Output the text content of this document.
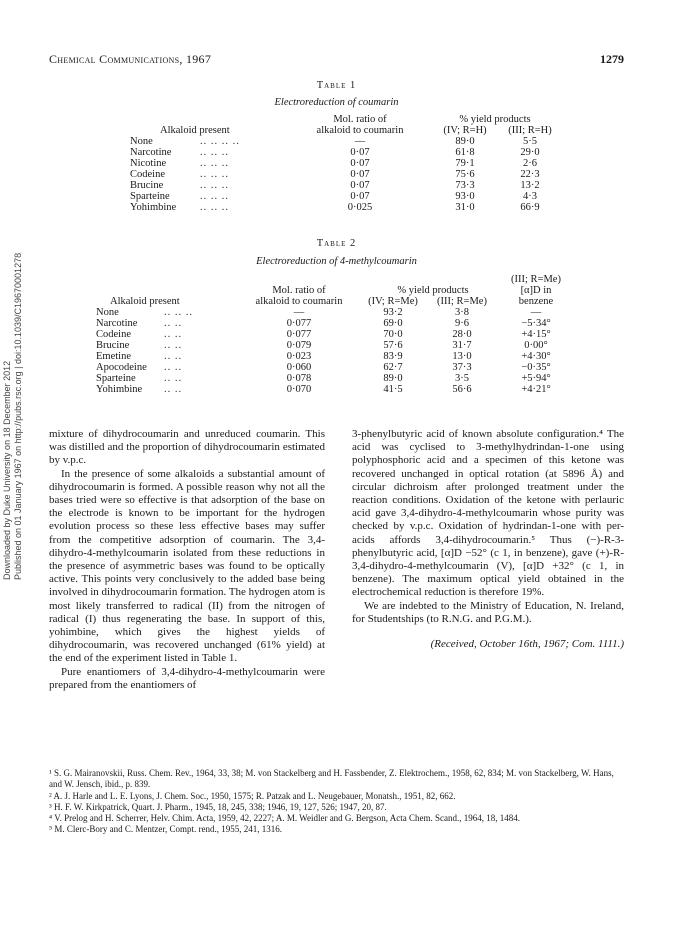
Chemical Communications, 1967	1279
Downloaded by Duke University on 18 December 2012
Published on 01 January 1967 on http://pubs.rsc.org | doi:10.1039/C19670001278
Table 1
Electroreduction of coumarin
		Mol. ratio of	% yield products	
Alkaloid present		alkaloid to coumarin	(IV; R=H)	(III; R=H)
None	.. .. .. ..	—	89·0	5·5
Narcotine	.. .. ..	0·07	61·8	29·0
Nicotine	.. .. ..	0·07	79·1	2·6
Codeine	.. .. ..	0·07	75·6	22·3
Brucine	.. .. ..	0·07	73·3	13·2
Sparteine	.. .. ..	0·07	93·0	4·3
Yohimbine	.. .. ..	0·025	31·0	66·9
Table 2
Electroreduction of 4-methylcoumarin
					(III; R=Me)
		Mol. ratio of	% yield products		[α]D in
Alkaloid present		alkaloid to coumarin	(IV; R=Me)	(III; R=Me)	benzene
None	.. .. ..	—	93·2	3·8	—
Narcotine	.. ..	0·077	69·0	9·6	−5·34°
Codeine	.. ..	0·077	70·0	28·0	+4·15°
Brucine	.. ..	0·079	57·6	31·7	0·00°
Emetine	.. ..	0·023	83·9	13·0	+4·30°
Apocodeine	.. ..	0·060	62·7	37·3	−0·35°
Sparteine	.. ..	0·078	89·0	3·5	+5·94°
Yohimbine	.. ..	0·070	41·5	56·6	+4·21°

mixture of dihydrocoumarin and unreduced coumarin. This was distilled and the proportion of dihydrocoumarin estimated by v.p.c.

In the presence of some alkaloids a substantial amount of dihydrocoumarin is formed. A possible reason why not all the bases tried were so effective is that adsorption of the base on the electrode is known to be important for the hydrogen evolution process so these less effective bases may suffer from the competitive adsorption of coumarin. The 3,4-dihydro-4-methylcoumarin isolated from these reductions in the presence of asymmetric bases was found to be optically active. This points very conclusively to the added base being involved in dihydrocoumarin formation. The hydrogen atom is most likely transferred to radical (II) from the nitrogen of radical (I) thus regenerating the base. In support of this, yohimbine, which gives the highest yields of dihydrocoumarin, was recovered unchanged (61% yield) at the end of the experiment listed in Table 1.

Pure enantiomers of 3,4-dihydro-4-methylcoumarin were prepared from the enantiomers of

3-phenylbutyric acid of known absolute configuration.⁴ The acid was cyclised to 3-methylhydrindan-1-one using polyphosphoric acid and a specimen of this ketone was recovered unchanged in optical rotation (at 5896 Å) and circular dichroism after prolonged treatment under the reaction conditions. Oxidation of the ketone with perlauric acid gave 3,4-dihydro-4-methylcoumarin whose purity was checked by v.p.c. Oxidation of hydrindan-1-one with per-acids affords 3,4-dihydrocoumarin.⁵ Thus (−)-R-3-phenylbutyric acid, [α]D −52° (c 1, in benzene), gave (+)-R-3,4-dihydro-4-methylcoumarin (V), [α]D +32° (c 1, in benzene). The maximum optical yield obtained in the electrochemical reduction is therefore 19%.

We are indebted to the Ministry of Education, N. Ireland, for Studentships (to R.N.G. and P.G.M.).

(Received, October 16th, 1967; Com. 1111.)

¹ S. G. Mairanovskii, Russ. Chem. Rev., 1964, 33, 38; M. von Stackelberg and H. Fassbender, Z. Elektrochem., 1958, 62, 834; M. von Stackelberg, W. Hans, and W. Jensch, ibid., p. 839.

² A. J. Harle and L. E. Lyons, J. Chem. Soc., 1950, 1575; R. Patzak and L. Neugebauer, Monatsh., 1951, 82, 662.

³ H. F. W. Kirkpatrick, Quart. J. Pharm., 1945, 18, 245, 338; 1946, 19, 127, 526; 1947, 20, 87.

⁴ V. Prelog and H. Scherrer, Helv. Chim. Acta, 1959, 42, 2227; A. M. Weidler and G. Bergson, Acta Chem. Scand., 1964, 18, 1484.

⁵ M. Clerc-Bory and C. Mentzer, Compt. rend., 1955, 241, 1316.
